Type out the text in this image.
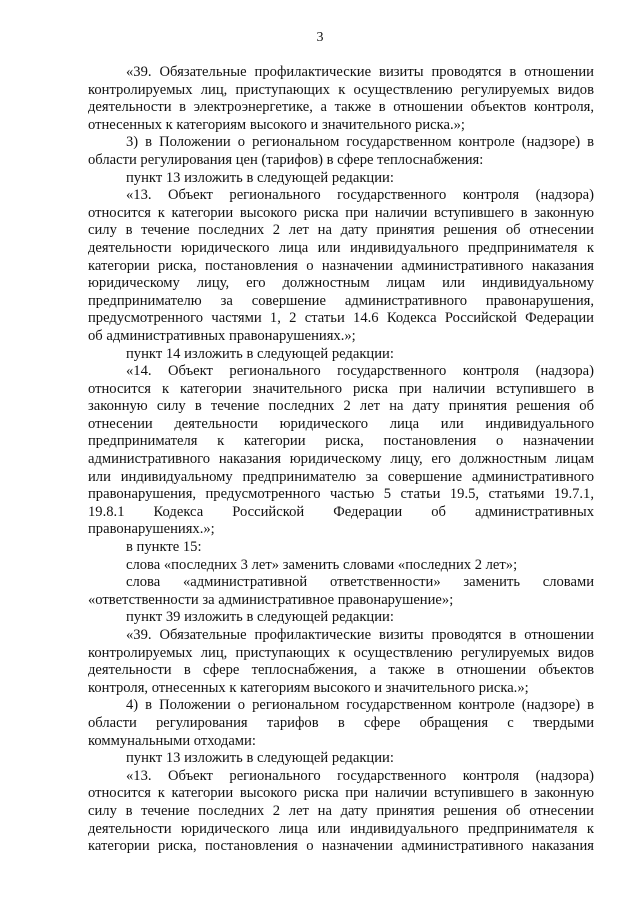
3
«39. Обязательные профилактические визиты проводятся в отношении
контролируемых лиц, приступающих к осуществлению регулируемых видов
деятельности в электроэнергетике, а также в отношении объектов контроля,
отнесенных к категориям высокого и значительного риска.»;
3) в Положении о региональном государственном контроле (надзоре) в
области регулирования цен (тарифов) в сфере теплоснабжения:
пункт 13 изложить в следующей редакции:
«13. Объект регионального государственного контроля (надзора)
относится к категории высокого риска при наличии вступившего в законную
силу в течение последних 2 лет на дату принятия решения об отнесении
деятельности юридического лица или индивидуального предпринимателя к
категории риска, постановления о назначении административного наказания
юридическому лицу, его должностным лицам или индивидуальному
предпринимателю за совершение административного правонарушения,
предусмотренного частями 1, 2 статьи 14.6 Кодекса Российской Федерации
об административных правонарушениях.»;
пункт 14 изложить в следующей редакции:
«14. Объект регионального государственного контроля (надзора)
относится к категории значительного риска при наличии вступившего в
законную силу в течение последних 2 лет на дату принятия решения об
отнесении деятельности юридического лица или индивидуального
предпринимателя к категории риска, постановления о назначении
административного наказания юридическому лицу, его должностным лицам
или индивидуальному предпринимателю за совершение административного
правонарушения, предусмотренного частью 5 статьи 19.5, статьями 19.7.1,
19.8.1 Кодекса Российской Федерации об административных
правонарушениях.»;
в пункте 15:
слова «последних 3 лет» заменить словами «последних 2 лет»;
слова «административной ответственности» заменить словами
«ответственности за административное правонарушение»;
пункт 39 изложить в следующей редакции:
«39. Обязательные профилактические визиты проводятся в отношении
контролируемых лиц, приступающих к осуществлению регулируемых видов
деятельности в сфере теплоснабжения, а также в отношении объектов
контроля, отнесенных к категориям высокого и значительного риска.»;
4) в Положении о региональном государственном контроле (надзоре) в
области регулирования тарифов в сфере обращения с твердыми
коммунальными отходами:
пункт 13 изложить в следующей редакции:
«13. Объект регионального государственного контроля (надзора)
относится к категории высокого риска при наличии вступившего в законную
силу в течение последних 2 лет на дату принятия решения об отнесении
деятельности юридического лица или индивидуального предпринимателя к
категории риска, постановления о назначении административного наказания
